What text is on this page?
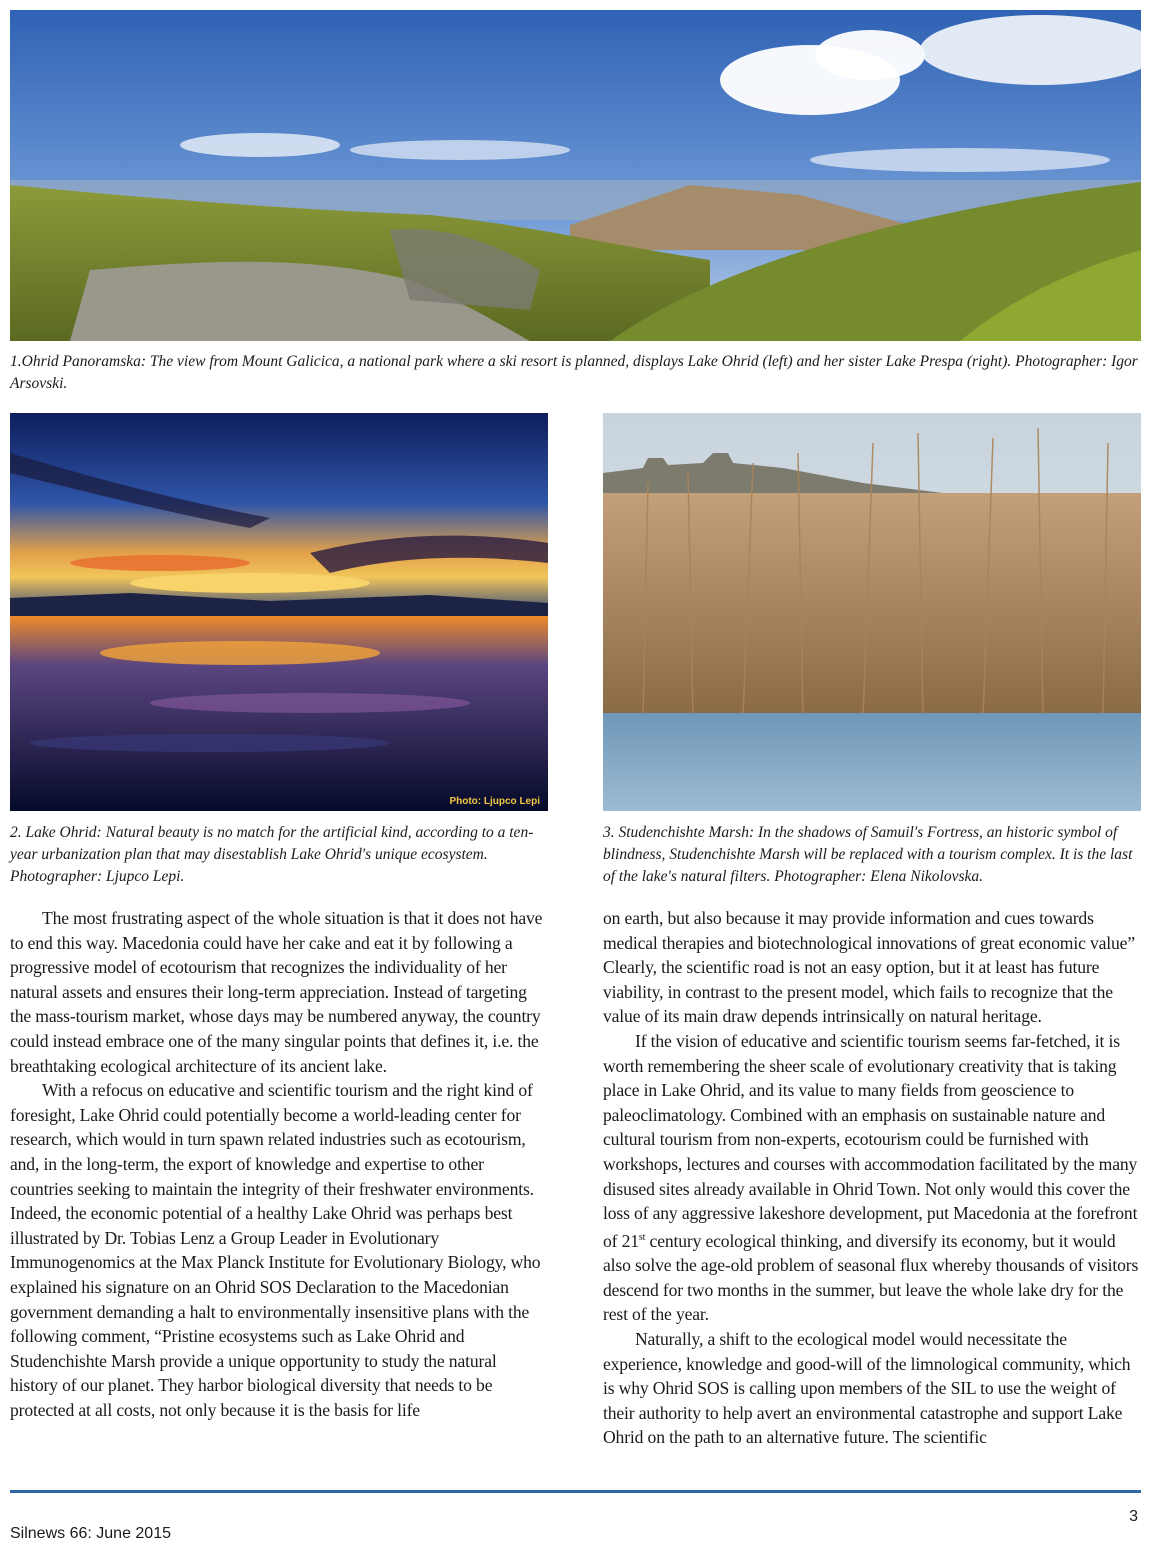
1.Ohrid Panoramska: The view from Mount Galicica, a national park where a ski resort is planned, displays Lake Ohrid (left) and her sister Lake Prespa (right). Photographer: Igor Arsovski.

Photo: Ljupco Lepi

2. Lake Ohrid: Natural beauty is no match for the artificial kind, according to a ten-year urbanization plan that may disestablish Lake Ohrid's unique ecosystem. Photographer: Ljupco Lepi.

3. Studenchishte Marsh: In the shadows of Samuil's Fortress, an historic symbol of blindness, Studenchishte Marsh will be replaced with a tourism complex. It is the last of the lake's natural filters. Photographer: Elena Nikolovska.

The most frustrating aspect of the whole situation is that it does not have to end this way. Macedonia could have her cake and eat it by following a progressive model of ecotourism that recognizes the individuality of her natural assets and ensures their long-term appreciation. Instead of targeting the mass-tourism market, whose days may be numbered anyway, the country could instead embrace one of the many singular points that defines it, i.e. the breathtaking ecological architecture of its ancient lake.

With a refocus on educative and scientific tourism and the right kind of foresight, Lake Ohrid could potentially become a world-leading center for research, which would in turn spawn related industries such as ecotourism, and, in the long-term, the export of knowledge and expertise to other countries seeking to maintain the integrity of their freshwater environments. Indeed, the economic potential of a healthy Lake Ohrid was perhaps best illustrated by Dr. Tobias Lenz a Group Leader in Evolutionary Immunogenomics at the Max Planck Institute for Evolutionary Biology, who explained his signature on an Ohrid SOS Declaration to the Macedonian government demanding a halt to environmentally insensitive plans with the following comment, “Pristine ecosystems such as Lake Ohrid and Studenchishte Marsh provide a unique opportunity to study the natural history of our planet. They harbor biological diversity that needs to be protected at all costs, not only because it is the basis for life

on earth, but also because it may provide information and cues towards medical therapies and biotechnological innovations of great economic value” Clearly, the scientific road is not an easy option, but it at least has future viability, in contrast to the present model, which fails to recognize that the value of its main draw depends intrinsically on natural heritage.

If the vision of educative and scientific tourism seems far-fetched, it is worth remembering the sheer scale of evolutionary creativity that is taking place in Lake Ohrid, and its value to many fields from geoscience to paleoclimatology. Combined with an emphasis on sustainable nature and cultural tourism from non-experts, ecotourism could be furnished with workshops, lectures and courses with accommodation facilitated by the many disused sites already available in Ohrid Town. Not only would this cover the loss of any aggressive lakeshore development, put Macedonia at the forefront of 21st century ecological thinking, and diversify its economy, but it would also solve the age-old problem of seasonal flux whereby thousands of visitors descend for two months in the summer, but leave the whole lake dry for the rest of the year.

Naturally, a shift to the ecological model would necessitate the experience, knowledge and good-will of the limnological community, which is why Ohrid SOS is calling upon members of the SIL to use the weight of their authority to help avert an environmental catastrophe and support Lake Ohrid on the path to an alternative future. The scientific

3
Silnews 66: June 2015
